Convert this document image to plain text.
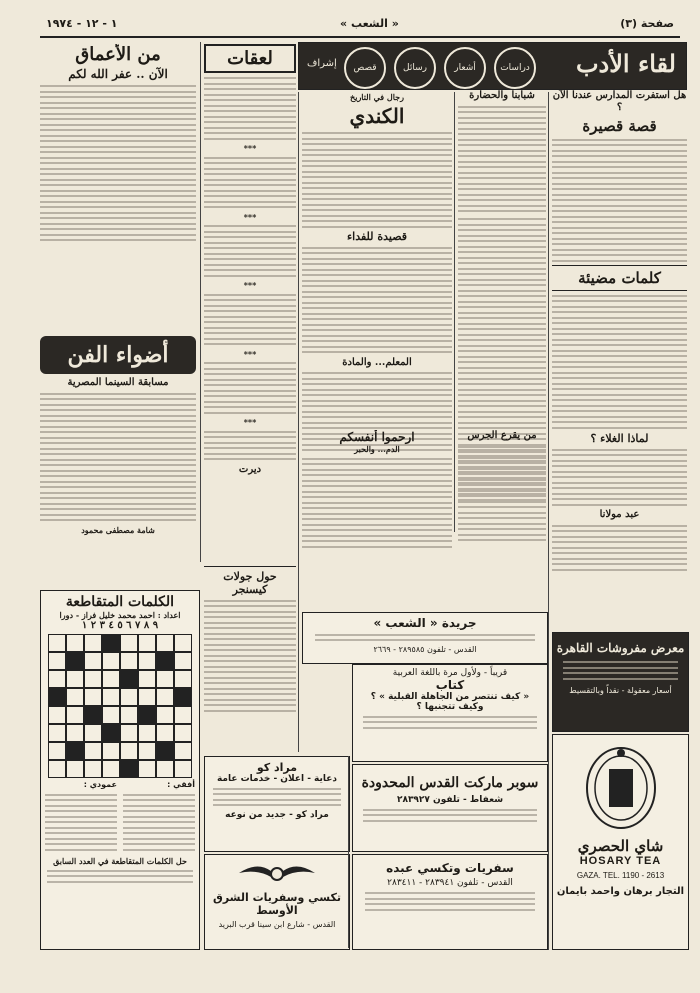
صفحة (٣)
« الشعب »
١ - ١٢ - ١٩٧٤
لقاء الأدب
دراسات
أشعار
رسائل
قصص
إشراف
هل استفرت المدارس عندنا الآن ؟
قصة قصيرة
كلمات مضيئة
لماذا الغلاء ؟
عبد مولانا
معرض مفروشات القاهرة
أسعار معقولة - نقداً وبالتقسيط
شاي الحصري
HOSARY TEA
GAZA. TEL. 1190 - 2613
التجار برهان واحمد بايمان
شبابنا والحضارة
رجال في التاريخ
الكندي
قصيدة للفداء
المعلم... والمادة
من يقرع الجرس
ارحموا أنفسكم
الدم... والحبر
جريدة « الشعب »
القدس - تلفون ٢٨٩٥٨٥ - ٢٦٦٩
قريباً - ولأول مرة باللغة العربية
كتاب
« كيف تنتصر من الجاهلة القبلية » ؟ وكيف تتجنبها ؟
سوبر ماركت القدس المحدودة
شعفاط - تلفون ٢٨٣٩٢٧
سفريات وتكسي عبده
القدس - تلفون ٢٨٣٩٤١ - ٢٨٣٤١١
لعقات
***
***
***
***
***
ديرت
حول جولات كيسنجر
مراد كو
دعاية - اعلان - خدمات عامة
مراد كو - جديد من نوعه
تكسي وسفريات الشرق الأوسط
القدس - شارع ابن سينا قرب البريد
من الأعماق
الآن .. عفر الله لكم
أضواء الفن
مسابقة السينما المصرية
شامة مصطفى محمود
الكلمات المتقاطعة
اعداد : احمد محمد خليل فراز - دورا
٩ ٨ ٧ ٦ ٥ ٤ ٣ ٢ ١
أفقي :
عمودي :
حل الكلمات المتقاطعة في العدد السابق
